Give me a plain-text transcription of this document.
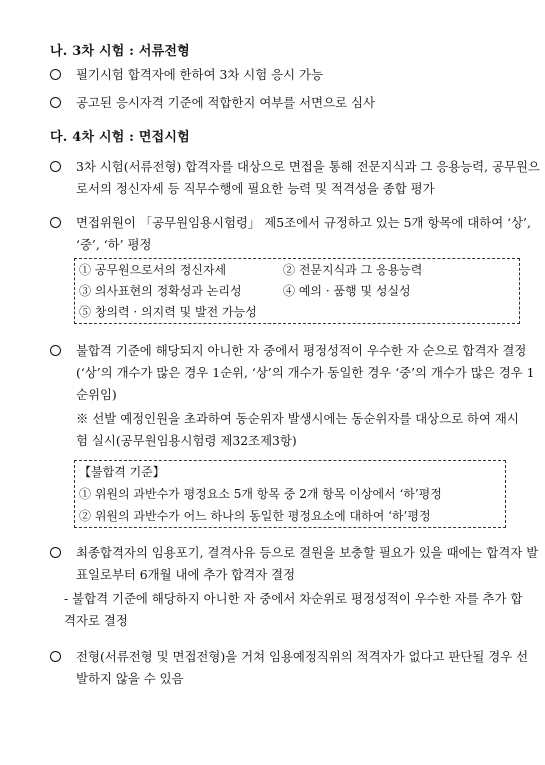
나. 3차 시험 : 서류전형
필기시험 합격자에 한하여 3차 시험 응시 가능
공고된 응시자격 기준에 적합한지 여부를 서면으로 심사
다. 4차 시험 : 면접시험
3차 시험(서류전형) 합격자를 대상으로 면접을 통해 전문지식과 그 응용능력, 공무원으로서의 정신자세 등 직무수행에 필요한 능력 및 적격성을 종합 평가
면접위원이 「공무원임용시험령」 제5조에서 규정하고 있는 5개 항목에 대하여 ‘상’, ‘중’, ‘하’ 평정
① 공무원으로서의 정신자세	② 전문지식과 그 응용능력
③ 의사표현의 정확성과 논리성	④ 예의 · 품행 및 성실성
⑤ 창의력 · 의지력 및 발전 가능성
불합격 기준에 해당되지 아니한 자 중에서 평정성적이 우수한 자 순으로 합격자 결정(‘상’의 개수가 많은 경우 1순위, ‘상’의 개수가 동일한 경우 ‘중’의 개수가 많은 경우 1순위임)
※ 선발 예정인원을 초과하여 동순위자 발생시에는 동순위자를 대상으로 하여 재시험 실시(공무원임용시험령 제32조제3항)
【불합격 기준】
① 위원의 과반수가 평정요소 5개 항목 중 2개 항목 이상에서 ‘하’평정
② 위원의 과반수가 어느 하나의 동일한 평정요소에 대하여 ‘하’평정
최종합격자의 임용포기, 결격사유 등으로 결원을 보충할 필요가 있을 때에는 합격자 발표일로부터 6개월 내에 추가 합격자 결정
- 불합격 기준에 해당하지 아니한 자 중에서 차순위로 평정성적이 우수한 자를 추가 합격자로 결정
전형(서류전형 및 면접전형)을 거쳐 임용예정직위의 적격자가 없다고 판단될 경우 선발하지 않을 수 있음
